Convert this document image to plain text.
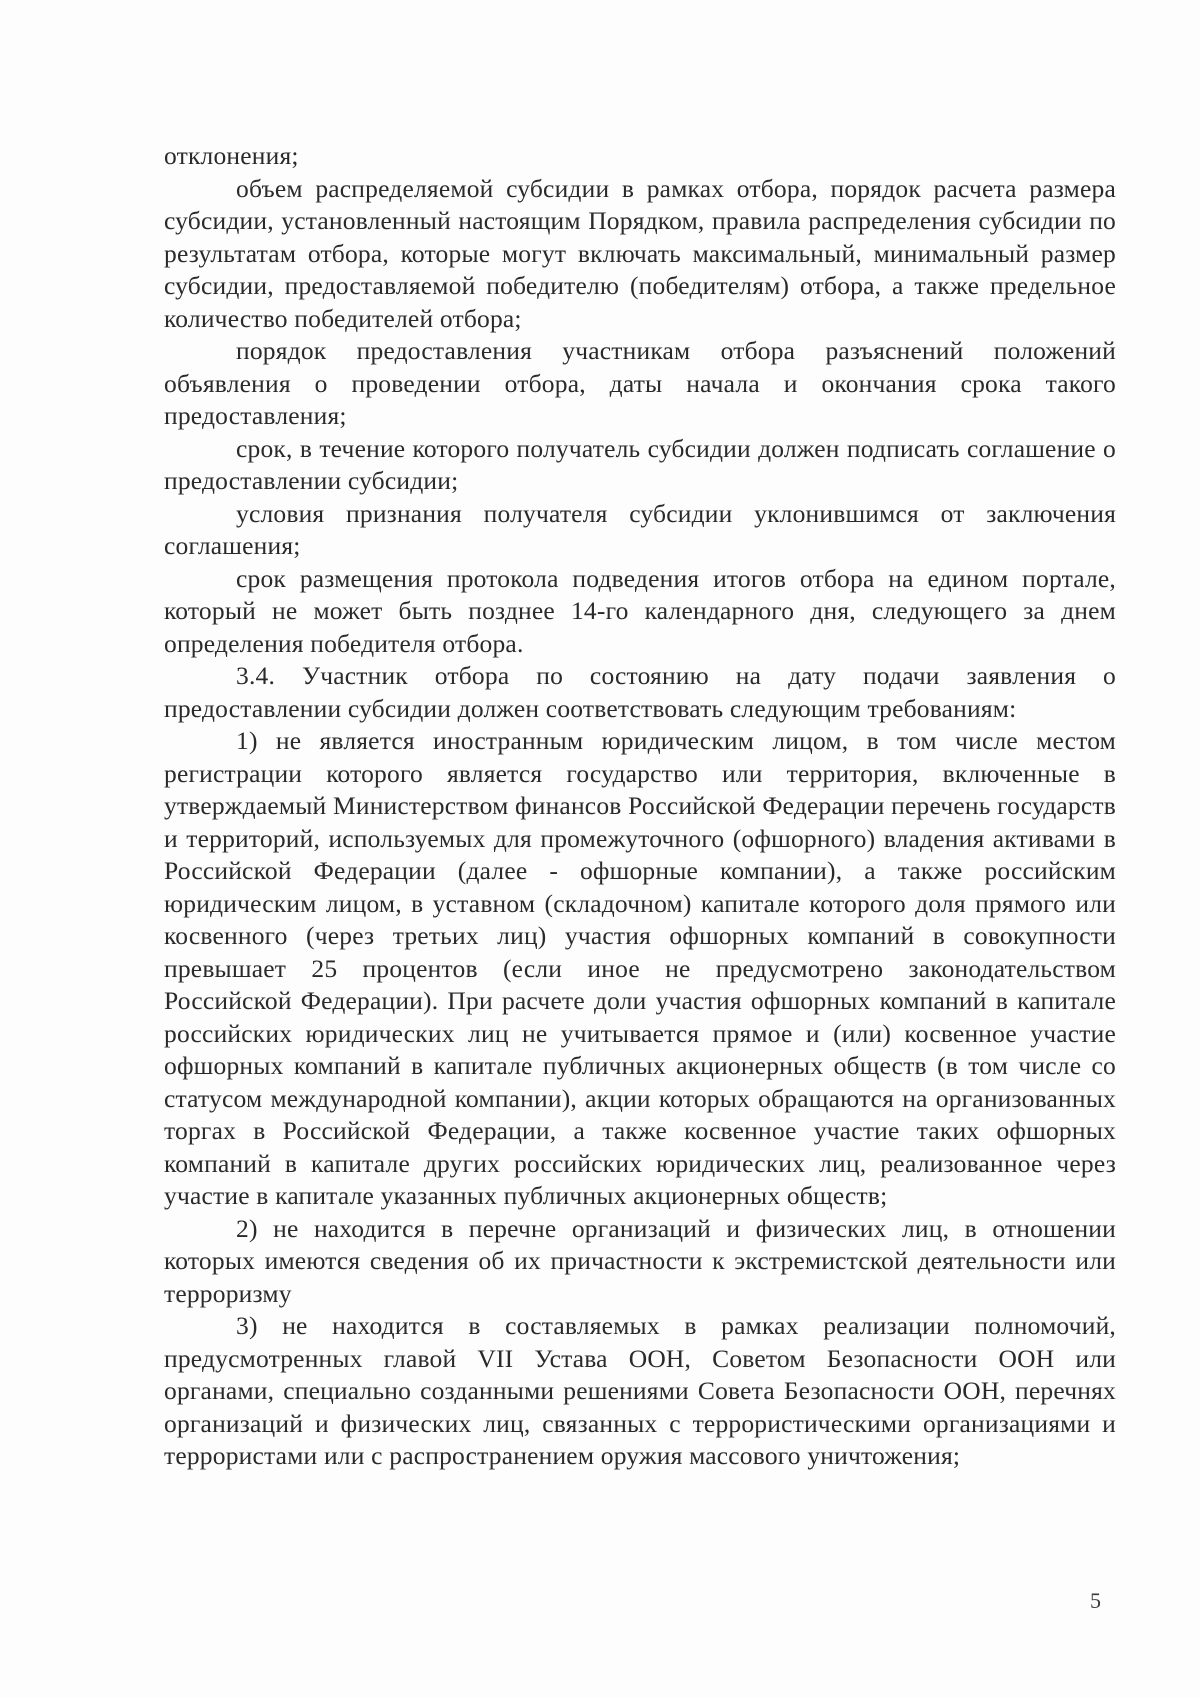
отклонения;

объем распределяемой субсидии в рамках отбора, порядок расчета размера субсидии, установленный настоящим Порядком, правила распределения субсидии по результатам отбора, которые могут включать максимальный, минимальный размер субсидии, предоставляемой победителю (победителям) отбора, а также предельное количество победителей отбора;

порядок предоставления участникам отбора разъяснений положений объявления о проведении отбора, даты начала и окончания срока такого предоставления;

срок, в течение которого получатель субсидии должен подписать соглашение о предоставлении субсидии;

условия признания получателя субсидии уклонившимся от заключения соглашения;

срок размещения протокола подведения итогов отбора на едином портале, который не может быть позднее 14-го календарного дня, следующего за днем определения победителя отбора.

3.4. Участник отбора по состоянию на дату подачи заявления о предоставлении субсидии должен соответствовать следующим требованиям:

1) не является иностранным юридическим лицом, в том числе местом регистрации которого является государство или территория, включенные в утверждаемый Министерством финансов Российской Федерации перечень государств и территорий, используемых для промежуточного (офшорного) владения активами в Российской Федерации (далее - офшорные компании), а также российским юридическим лицом, в уставном (складочном) капитале которого доля прямого или косвенного (через третьих лиц) участия офшорных компаний в совокупности превышает 25 процентов (если иное не предусмотрено законодательством Российской Федерации). При расчете доли участия офшорных компаний в капитале российских юридических лиц не учитывается прямое и (или) косвенное участие офшорных компаний в капитале публичных акционерных обществ (в том числе со статусом международной компании), акции которых обращаются на организованных торгах в Российской Федерации, а также косвенное участие таких офшорных компаний в капитале других российских юридических лиц, реализованное через участие в капитале указанных публичных акционерных обществ;

2) не находится в перечне организаций и физических лиц, в отношении которых имеются сведения об их причастности к экстремистской деятельности или терроризму

3) не находится в составляемых в рамках реализации полномочий, предусмотренных главой VII Устава ООН, Советом Безопасности ООН или органами, специально созданными решениями Совета Безопасности ООН, перечнях организаций и физических лиц, связанных с террористическими организациями и террористами или с распространением оружия массового уничтожения;

5
